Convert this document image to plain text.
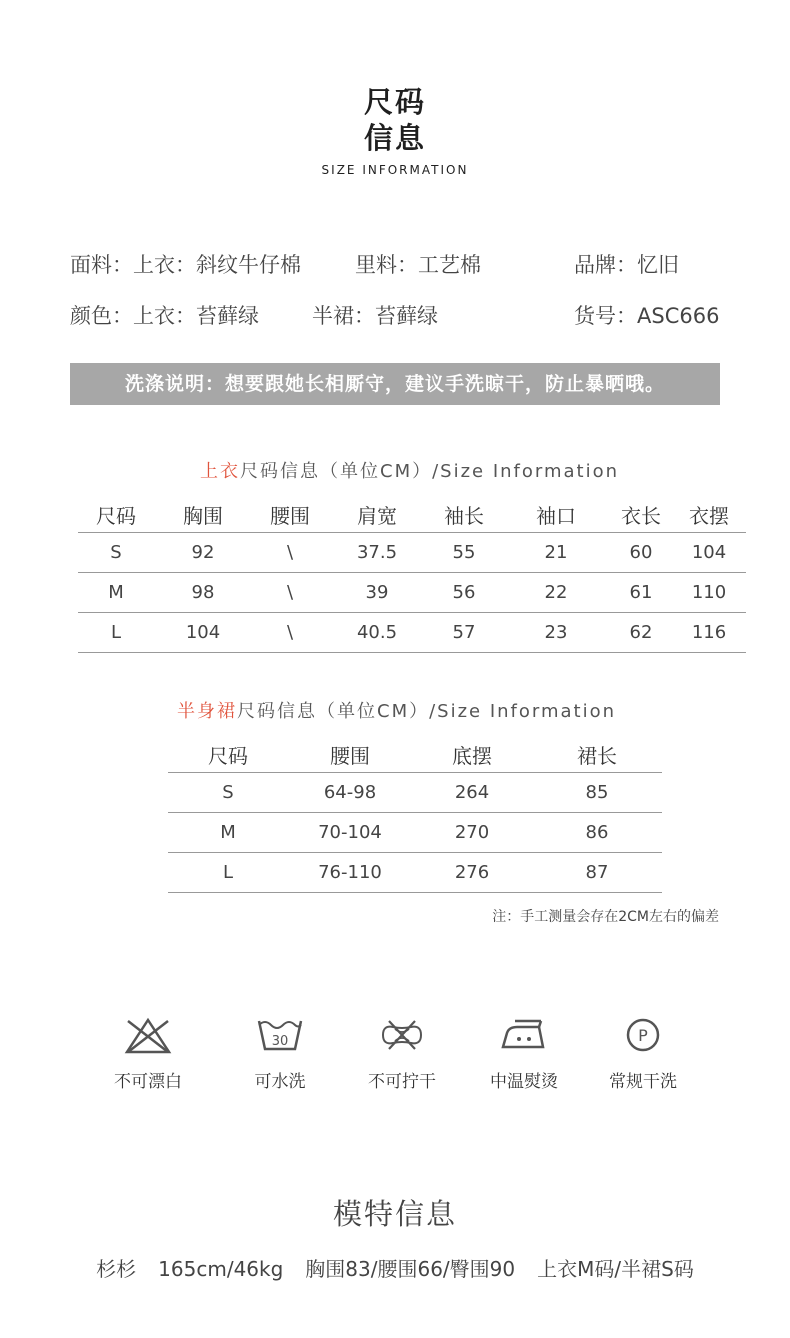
尺码
信息
SIZE INFORMATION
面料：上衣：斜纹牛仔棉	里料：工艺棉	品牌：忆旧
颜色：上衣：苔藓绿	半裙：苔藓绿	货号：ASC666
洗涤说明：想要跟她长相厮守，建议手洗晾干，防止暴晒哦。
上衣尺码信息（单位CM）/Size Information
尺码	胸围	腰围	肩宽	袖长	袖口	衣长	衣摆
S	92	\	37.5	55	21	60	104
M	98	\	39	56	22	61	110
L	104	\	40.5	57	23	62	116
半身裙尺码信息（单位CM）/Size Information
尺码	腰围	底摆	裙长
S	64-98	264	85
M	70-104	270	86
L	76-110	276	87
注：手工测量会存在2CM左右的偏差
不可漂白
30
可水洗	不可拧干	中温熨烫
P
常规干洗
模特信息
杉杉 165cm/46kg 胸围83/腰围66/臀围90 上衣M码/半裙S码
